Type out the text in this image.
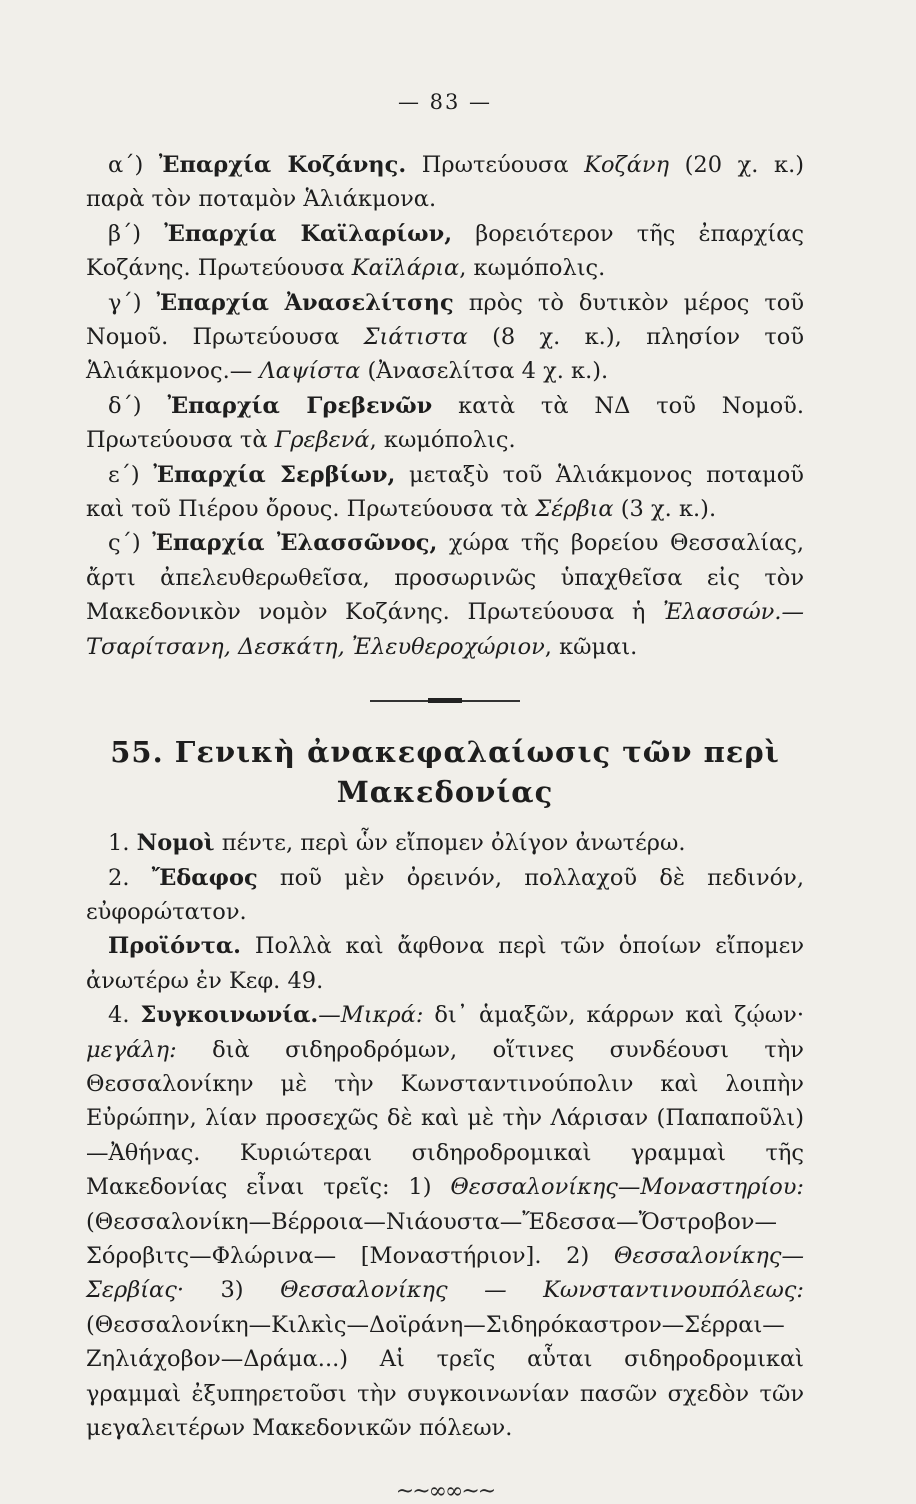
— 83 —

α΄) Ἐπαρχία Κοζάνης. Πρωτεύουσα Κοζάνη (20 χ. κ.) παρὰ τὸν ποταμὸν Ἁλιάκμονα.

β΄) Ἐπαρχία Καϊλαρίων, βορειότερον τῆς ἐπαρχίας Κοζάνης. Πρωτεύουσα Καϊλάρια, κωμόπολις.

γ΄) Ἐπαρχία Ἀνασελίτσης πρὸς τὸ δυτικὸν μέρος τοῦ Νομοῦ. Πρωτεύουσα Σιάτιστα (8 χ. κ.), πλησίον τοῦ Ἁλιάκμονος.— Λαψίστα (Ἀνασελίτσα 4 χ. κ.).

δ΄) Ἐπαρχία Γρεβενῶν κατὰ τὰ ΝΔ τοῦ Νομοῦ. Πρωτεύουσα τὰ Γρεβενά, κωμόπολις.

ε΄) Ἐπαρχία Σερβίων, μεταξὺ τοῦ Ἁλιάκμονος ποταμοῦ καὶ τοῦ Πιέρου ὄρους. Πρωτεύουσα τὰ Σέρβια (3 χ. κ.).

ς΄) Ἐπαρχία Ἐλασσῶνος, χώρα τῆς βορείου Θεσσαλίας, ἄρτι ἀπελευθερωθεῖσα, προσωρινῶς ὑπαχθεῖσα εἰς τὸν Μακεδονικὸν νομὸν Κοζάνης. Πρωτεύουσα ἡ Ἐλασσών.—Τσαρίτσανη, Δεσκάτη, Ἐλευθεροχώριον, κῶμαι.

55. Γενικὴ ἀνακεφαλαίωσις τῶν περὶ
Μακεδονίας

1. Νομοὶ πέντε, περὶ ὧν εἴπομεν ὀλίγον ἀνωτέρω.

2. Ἔδαφος ποῦ μὲν ὀρεινόν, πολλαχοῦ δὲ πεδινόν, εὐφορώτατον.

Προϊόντα. Πολλὰ καὶ ἄφθονα περὶ τῶν ὁποίων εἴπομεν ἀνωτέρω ἐν Κεφ. 49.

4. Συγκοινωνία.—Μικρά: δι᾽ ἁμαξῶν, κάρρων καὶ ζῴων· μεγάλη: διὰ σιδηροδρόμων, οἵτινες συνδέουσι τὴν Θεσσαλονίκην μὲ τὴν Κωνσταντινούπολιν καὶ λοιπὴν Εὐρώπην, λίαν προσεχῶς δὲ καὶ μὲ τὴν Λάρισαν (Παπαποῦλι)—Ἀθήνας. Κυριώτεραι σιδηροδρομικαὶ γραμμαὶ τῆς Μακεδονίας εἶναι τρεῖς: 1) Θεσσαλονίκης—Μοναστηρίου: (Θεσσαλονίκη—Βέρροια—Νιάουστα—Ἔδεσσα—Ὄστροβον—Σόροβιτς—Φλώρινα— [Μοναστήριον]. 2) Θεσσαλονίκης—Σερβίας· 3) Θεσσαλονίκης — Κωνσταντινουπόλεως: (Θεσσαλονίκη—Κιλκὶς—Δοϊράνη—Σιδηρόκαστρον—Σέρραι—Ζηλιάχοβον—Δράμα...) Αἱ τρεῖς αὗται σιδηροδρομικαὶ γραμμαὶ ἐξυπηρετοῦσι τὴν συγκοινωνίαν πασῶν σχεδὸν τῶν μεγαλειτέρων Μακεδονικῶν πόλεων.

~~∞∞~~
